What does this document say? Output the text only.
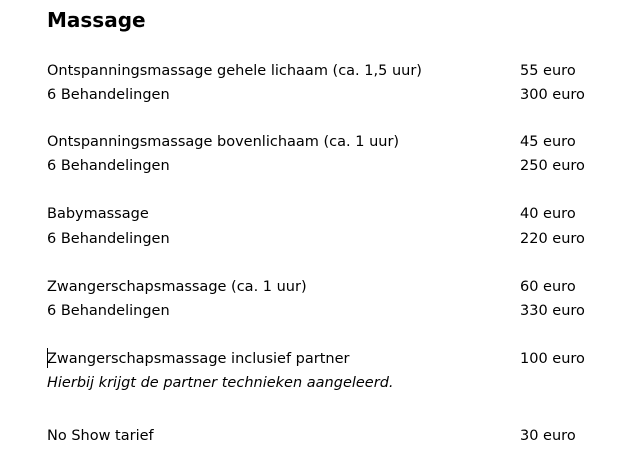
Massage
Ontspanningsmassage gehele lichaam (ca. 1,5 uur)	55 euro
6 Behandelingen	300 euro
Ontspanningsmassage bovenlichaam (ca. 1 uur)	45 euro
6 Behandelingen	250 euro
Babymassage	40 euro
6 Behandelingen	220 euro
Zwangerschapsmassage (ca. 1 uur)	60 euro
6 Behandelingen	330 euro
Zwangerschapsmassage inclusief partner	100 euro
Hierbij krijgt de partner technieken aangeleerd.
No Show tarief	30 euro
